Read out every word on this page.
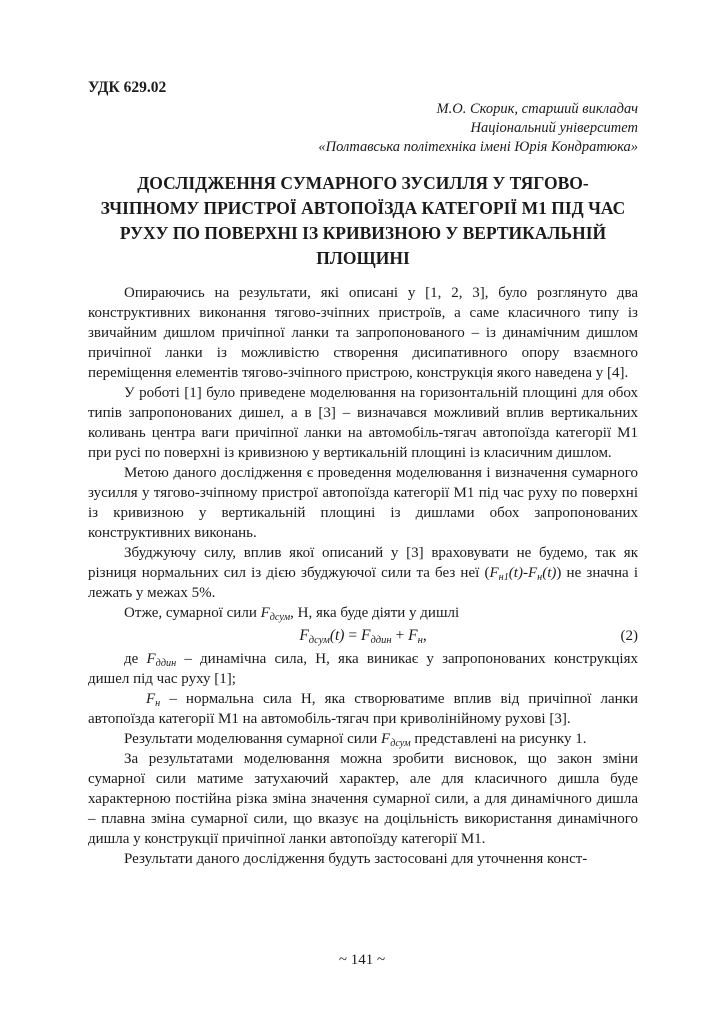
УДК 629.02
М.О. Скорик, старший викладач
Національний університет
«Полтавська політехніка імені Юрія Кондратюка»
ДОСЛІДЖЕННЯ СУМАРНОГО ЗУСИЛЛЯ У ТЯГОВО-ЗЧІПНОМУ ПРИСТРОЇ АВТОПОЇЗДА КАТЕГОРІЇ М1 ПІД ЧАС РУХУ ПО ПОВЕРХНІ ІЗ КРИВИЗНОЮ У ВЕРТИКАЛЬНІЙ ПЛОЩИНІ

Опираючись на результати, які описані у [1, 2, 3], було розглянуто два конструктивних виконання тягово-зчіпних пристроїв, а саме класичного типу із звичайним дишлом причіпної ланки та запропонованого – із динамічним дишлом причіпної ланки із можливістю створення дисипативного опору взаємного переміщення елементів тягово-зчіпного пристрою, конструкція якого наведена у [4].

У роботі [1] було приведене моделювання на горизонтальній площині для обох типів запропонованих дишел, а в [3] – визначався можливий вплив вертикальних коливань центра ваги причіпної ланки на автомобіль-тягач автопоїзда категорії М1 при русі по поверхні із кривизною у вертикальній площині із класичним дишлом.

Метою даного дослідження є проведення моделювання і визначення сумарного зусилля у тягово-зчіпному пристрої автопоїзда категорії М1 під час руху по поверхні із кривизною у вертикальній площині із дишлами обох запропонованих конструктивних виконань.

Збуджуючу силу, вплив якої описаний у [3] враховувати не будемо, так як різниця нормальних сил із дією збуджуючої сили та без неї $(F_{н1}(t)-F_н(t))$ не значна і лежать у межах 5%.

Отже, сумарної сили $F_{дсум}$, Н, яка буде діяти у дишлі

$F_{дсум}(t) = F_{ддин} + F_н$,	(2)

де $F_{ддин}$ – динамічна сила, Н, яка виникає у запропонованих конструкціях дишел під час руху [1];

$F_н$ – нормальна сила Н, яка створюватиме вплив від причіпної ланки автопоїзда категорії М1 на автомобіль-тягач при криволінійному рухові [3].

Результати моделювання сумарної сили $F_{дсум}$ представлені на рисунку 1.

За результатами моделювання можна зробити висновок, що закон зміни сумарної сили матиме затухаючий характер, але для класичного дишла буде характерною постійна різка зміна значення сумарної сили, а для динамічного дишла – плавна зміна сумарної сили, що вказує на доцільність використання динамічного дишла у конструкції причіпної ланки автопоїзду категорії М1.

Результати даного дослідження будуть застосовані для уточнення конст-

~ 141 ~
